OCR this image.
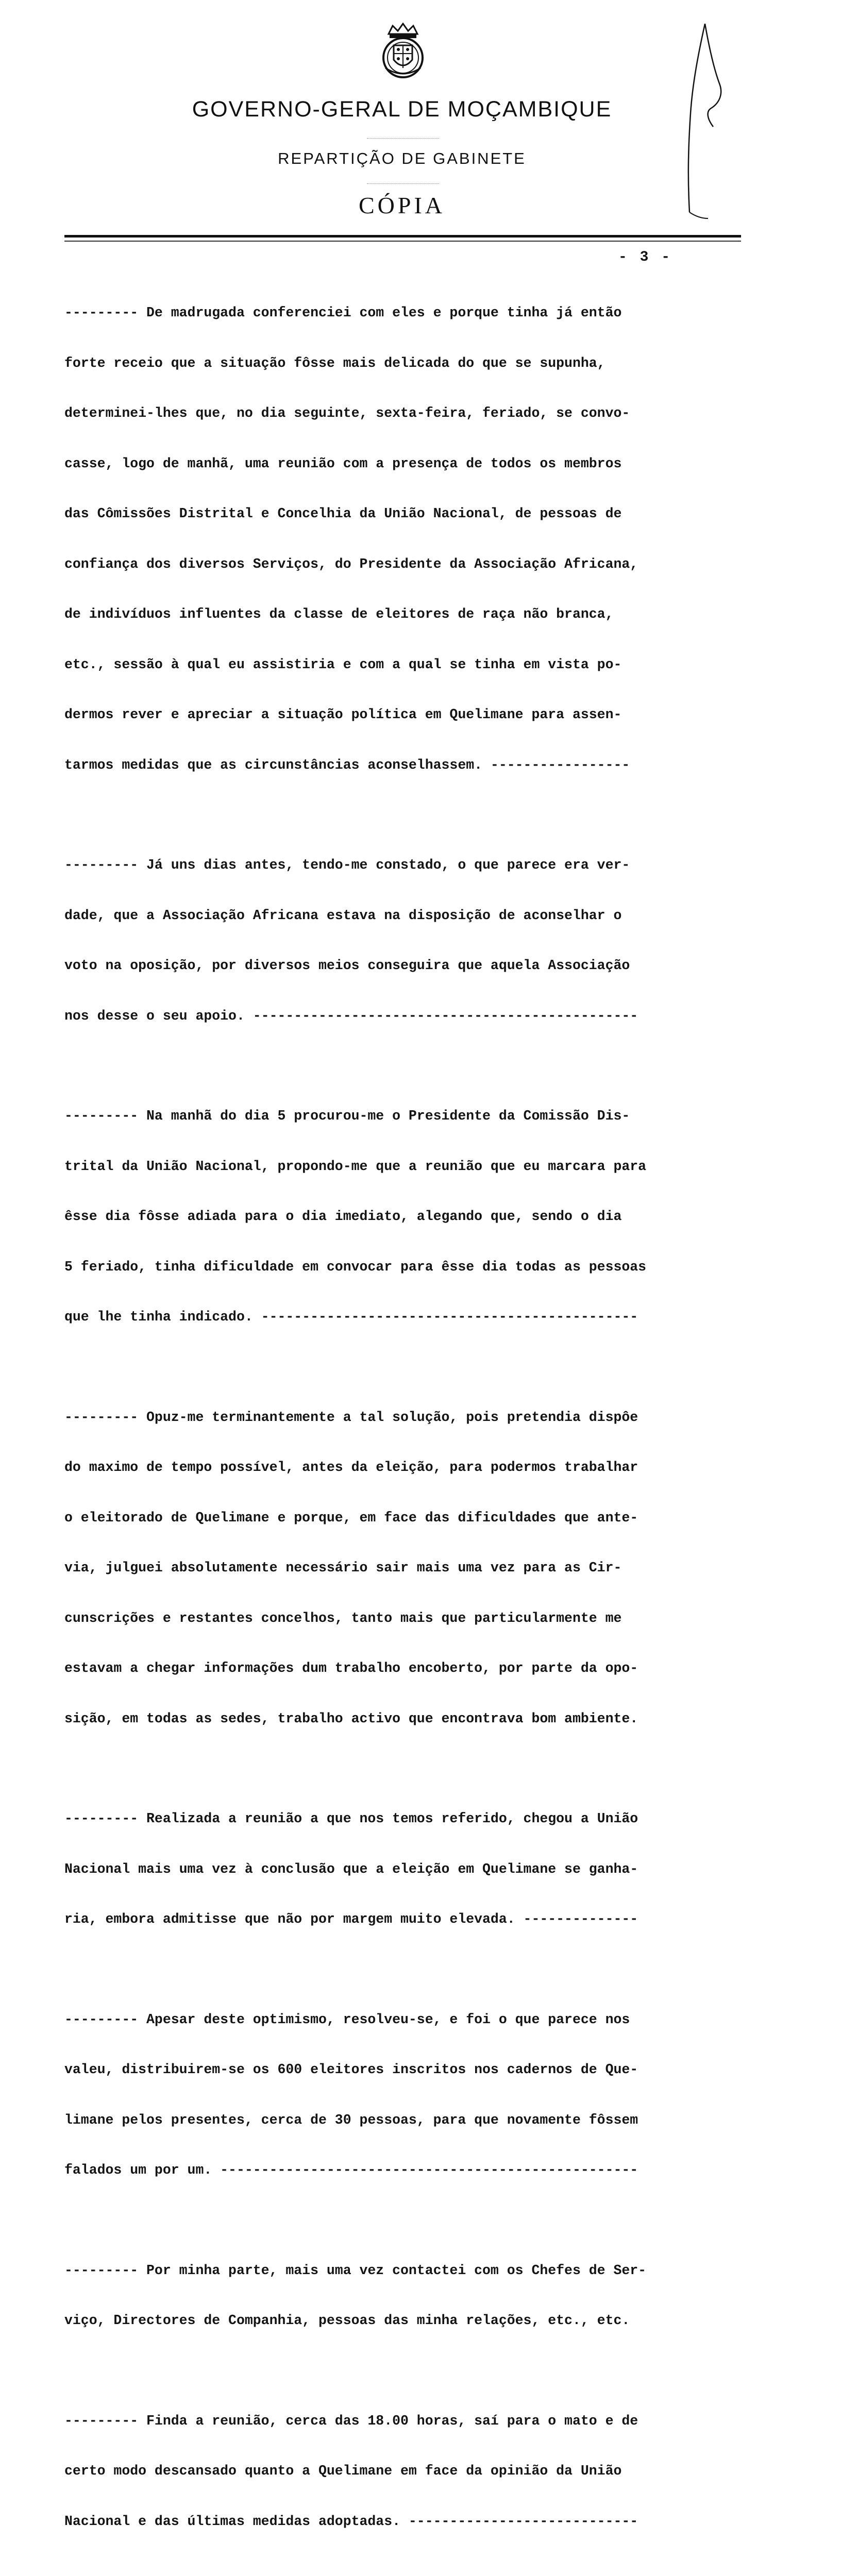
GOVERNO-GERAL DE MOÇAMBIQUE
REPARTIÇÃO DE GABINETE
CÓPIA
- 3 -

--------- De madrugada conferenciei com eles e porque tinha já então

forte receio que a situação fôsse mais delicada do que se supunha,

determinei-lhes que, no dia seguinte, sexta-feira, feriado, se convo-

casse, logo de manhã, uma reunião com a presença de todos os membros

das Cômissões Distrital e Concelhia da União Nacional, de pessoas de

confiança dos diversos Serviços, do Presidente da Associação Africana,

de indivíduos influentes da classe de eleitores de raça não branca,

etc., sessão à qual eu assistiria e com a qual se tinha em vista po-

dermos rever e apreciar a situação política em Quelimane para assen-

tarmos medidas que as circunstâncias aconselhassem. -----------------

--------- Já uns dias antes, tendo-me constado, o que parece era ver-

dade, que a Associação Africana estava na disposição de aconselhar o

voto na oposição, por diversos meios conseguira que aquela Associação

nos desse o seu apoio. -----------------------------------------------

--------- Na manhã do dia 5 procurou-me o Presidente da Comissão Dis-

trital da União Nacional, propondo-me que a reunião que eu marcara para

êsse dia fôsse adiada para o dia imediato, alegando que, sendo o dia

5 feriado, tinha dificuldade em convocar para êsse dia todas as pessoas

que lhe tinha indicado. ----------------------------------------------

--------- Opuz-me terminantemente a tal solução, pois pretendia dispôe

do maximo de tempo possível, antes da eleição, para podermos trabalhar

o eleitorado de Quelimane e porque, em face das dificuldades que ante-

via, julguei absolutamente necessário sair mais uma vez para as Cir-

cunscrições e restantes concelhos, tanto mais que particularmente me

estavam a chegar informações dum trabalho encoberto, por parte da opo-

sição, em todas as sedes, trabalho activo que encontrava bom ambiente.

--------- Realizada a reunião a que nos temos referido, chegou a União

Nacional mais uma vez à conclusão que a eleição em Quelimane se ganha-

ria, embora admitisse que não por margem muito elevada. --------------

--------- Apesar deste optimismo, resolveu-se, e foi o que parece nos

valeu, distribuirem-se os 600 eleitores inscritos nos cadernos de Que-

limane pelos presentes, cerca de 30 pessoas, para que novamente fôssem

falados um por um. ---------------------------------------------------

--------- Por minha parte, mais uma vez contactei com os Chefes de Ser-

viço, Directores de Companhia, pessoas das minha relações, etc., etc.

--------- Finda a reunião, cerca das 18.00 horas, saí para o mato e de

certo modo descansado quanto a Quelimane em face da opinião da União

Nacional e das últimas medidas adoptadas. ----------------------------
